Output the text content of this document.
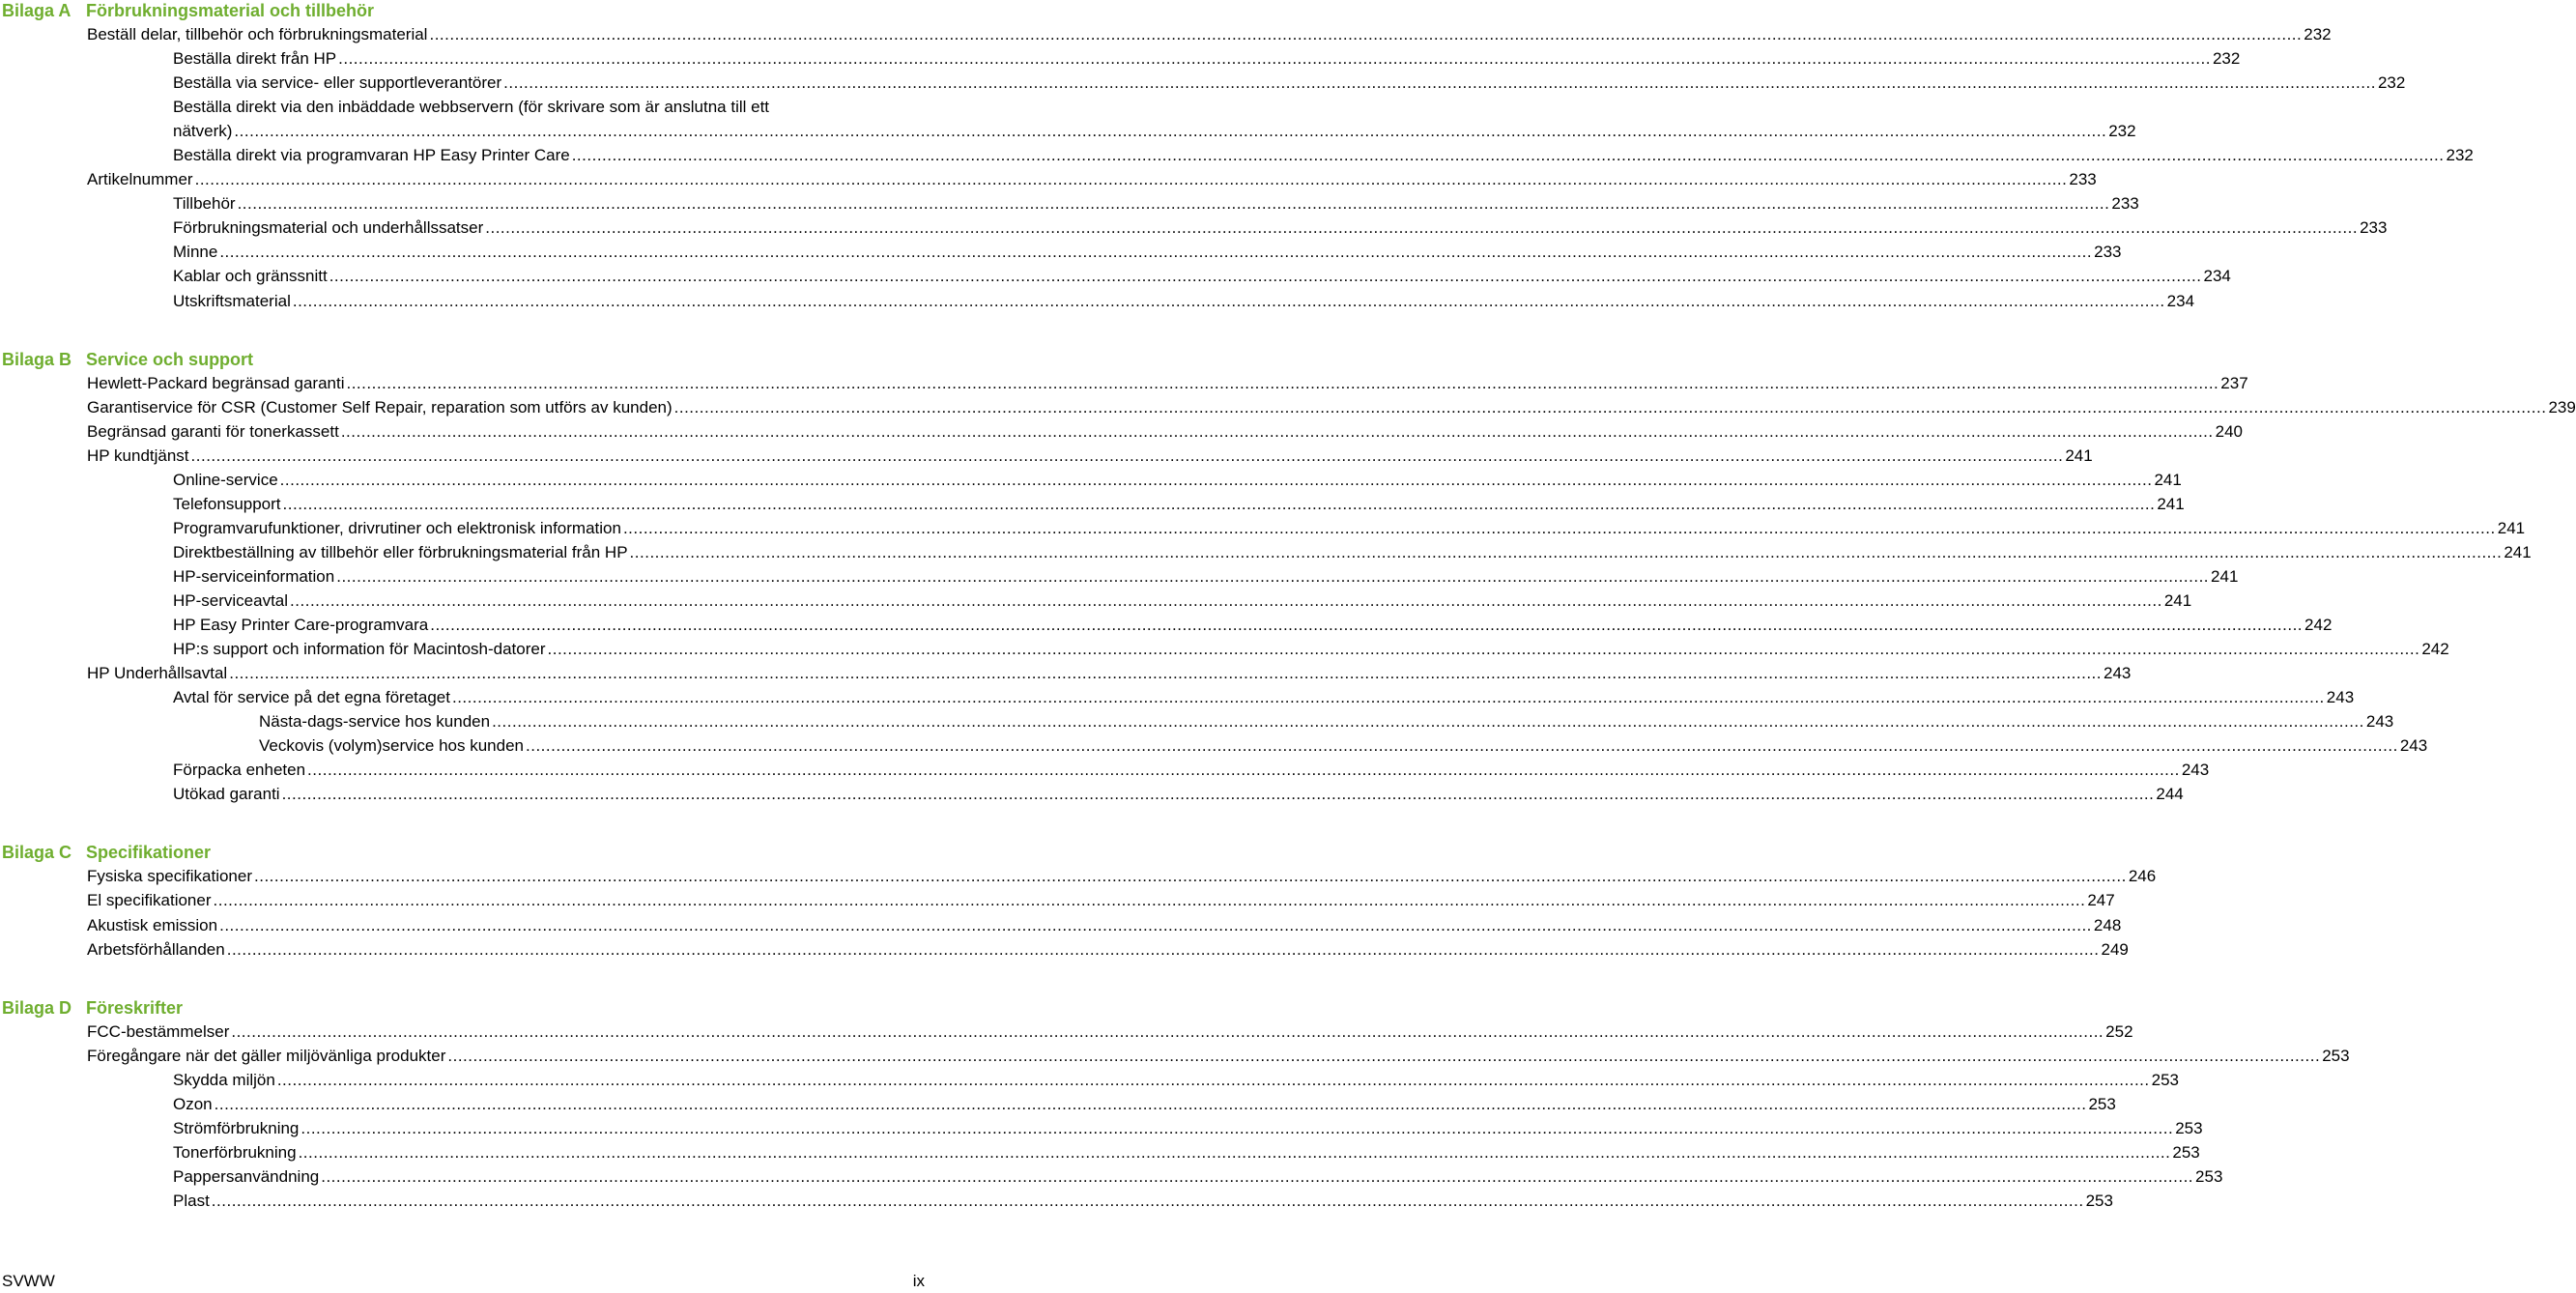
Bilaga A Förbrukningsmaterial och tillbehör
Beställ delar, tillbehör och förbrukningsmaterial .....	232
Beställa direkt från HP .....	232
Beställa via service- eller supportleverantörer .....	232
Beställa direkt via den inbäddade webbservern (för skrivare som är anslutna till ett
nätverk) .....	232
Beställa direkt via programvaran HP Easy Printer Care .....	232
Artikelnummer .....	233
Tillbehör .....	233
Förbrukningsmaterial och underhållssatser .....	233
Minne .....	233
Kablar och gränssnitt .....	234
Utskriftsmaterial .....	234
Bilaga B Service och support
Hewlett-Packard begränsad garanti .....	237
Garantiservice för CSR (Customer Self Repair, reparation som utförs av kunden) .....	239
Begränsad garanti för tonerkassett .....	240
HP kundtjänst .....	241
Online-service .....	241
Telefonsupport .....	241
Programvarufunktioner, drivrutiner och elektronisk information .....	241
Direktbeställning av tillbehör eller förbrukningsmaterial från HP .....	241
HP-serviceinformation .....	241
HP-serviceavtal .....	241
HP Easy Printer Care-programvara .....	242
HP:s support och information för Macintosh-datorer .....	242
HP Underhållsavtal .....	243
Avtal för service på det egna företaget .....	243
Nästa-dags-service hos kunden .....	243
Veckovis (volym)service hos kunden .....	243
Förpacka enheten .....	243
Utökad garanti .....	244
Bilaga C Specifikationer
Fysiska specifikationer .....	246
El specifikationer .....	247
Akustisk emission .....	248
Arbetsförhållanden .....	249
Bilaga D Föreskrifter
FCC-bestämmelser .....	252
Föregångare när det gäller miljövänliga produkter .....	253
Skydda miljön .....	253
Ozon .....	253
Strömförbrukning .....	253
Tonerförbrukning .....	253
Pappersanvändning .....	253
Plast .....	253
SVWW	ix
